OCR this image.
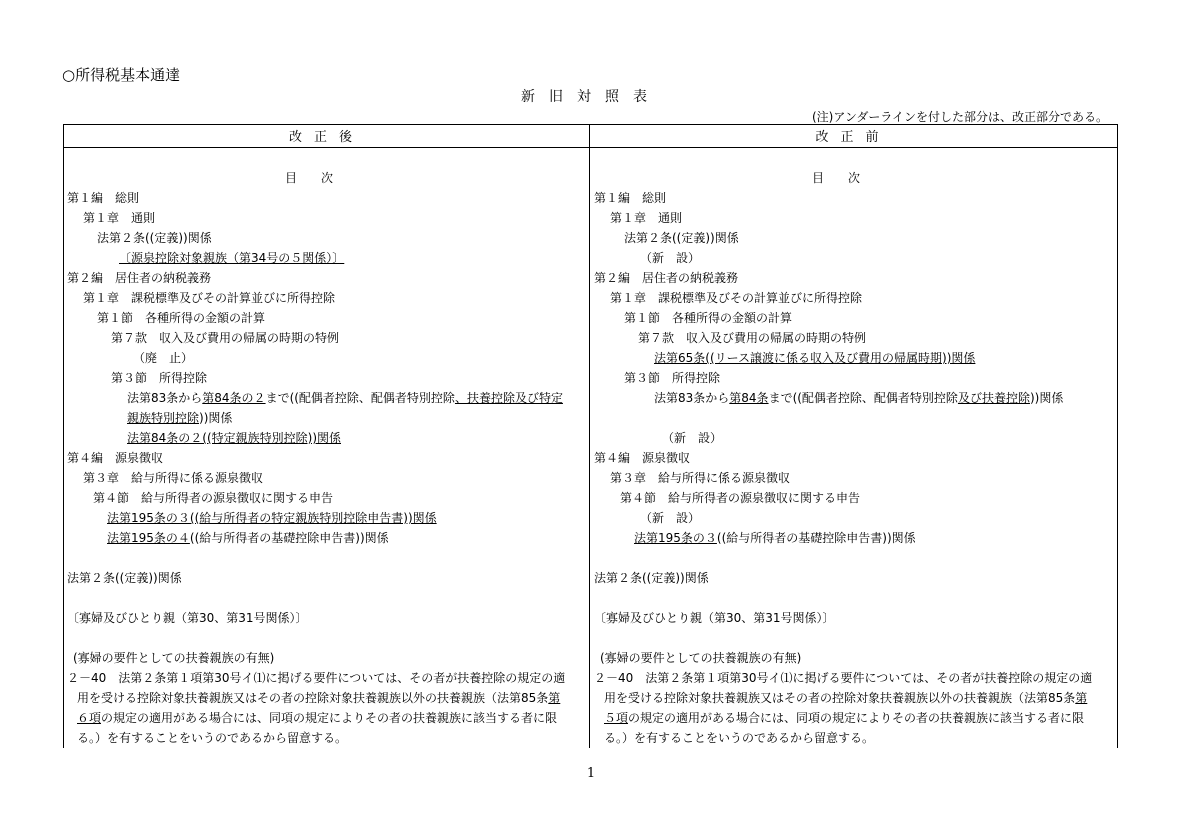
○所得税基本通達
新旧対照表
(注)アンダーラインを付した部分は、改正部分である。
改正後	改正前
目　　次
第１編　総則
第１章　通則
法第２条((定義))関係
〔源泉控除対象親族（第34号の５関係）〕
第２編　居住者の納税義務
第１章　課税標準及びその計算並びに所得控除
第１節　各種所得の金額の計算
第７款　収入及び費用の帰属の時期の特例
（廃　止）
第３節　所得控除
法第83条から第84条の２まで((配偶者控除、配偶者特別控除、扶養控除及び特定
親族特別控除))関係
法第84条の２((特定親族特別控除))関係
第４編　源泉徴収
第３章　給与所得に係る源泉徴収
第４節　給与所得者の源泉徴収に関する申告
法第195条の３((給与所得者の特定親族特別控除申告書))関係
法第195条の４((給与所得者の基礎控除申告書))関係
法第２条((定義))関係
〔寡婦及びひとり親（第30、第31号関係）〕
(寡婦の要件としての扶養親族の有無)
２－40　法第２条第１項第30号イ⑴に掲げる要件については、その者が扶養控除の規定の適
用を受ける控除対象扶養親族又はその者の控除対象扶養親族以外の扶養親族（法第85条第
６項の規定の適用がある場合には、同項の規定によりその者の扶養親族に該当する者に限
る。）を有することをいうのであるから留意する。
目　　次
第１編　総則
第１章　通則
法第２条((定義))関係
（新　設）
第２編　居住者の納税義務
第１章　課税標準及びその計算並びに所得控除
第１節　各種所得の金額の計算
第７款　収入及び費用の帰属の時期の特例
法第65条((リース譲渡に係る収入及び費用の帰属時期))関係
第３節　所得控除
法第83条から第84条まで((配偶者控除、配偶者特別控除及び扶養控除))関係
（新　設）
第４編　源泉徴収
第３章　給与所得に係る源泉徴収
第４節　給与所得者の源泉徴収に関する申告
（新　設）
法第195条の３((給与所得者の基礎控除申告書))関係
法第２条((定義))関係
〔寡婦及びひとり親（第30、第31号関係）〕
(寡婦の要件としての扶養親族の有無)
２－40　法第２条第１項第30号イ⑴に掲げる要件については、その者が扶養控除の規定の適
用を受ける控除対象扶養親族又はその者の控除対象扶養親族以外の扶養親族（法第85条第
５項の規定の適用がある場合には、同項の規定によりその者の扶養親族に該当する者に限
る。）を有することをいうのであるから留意する。
1
